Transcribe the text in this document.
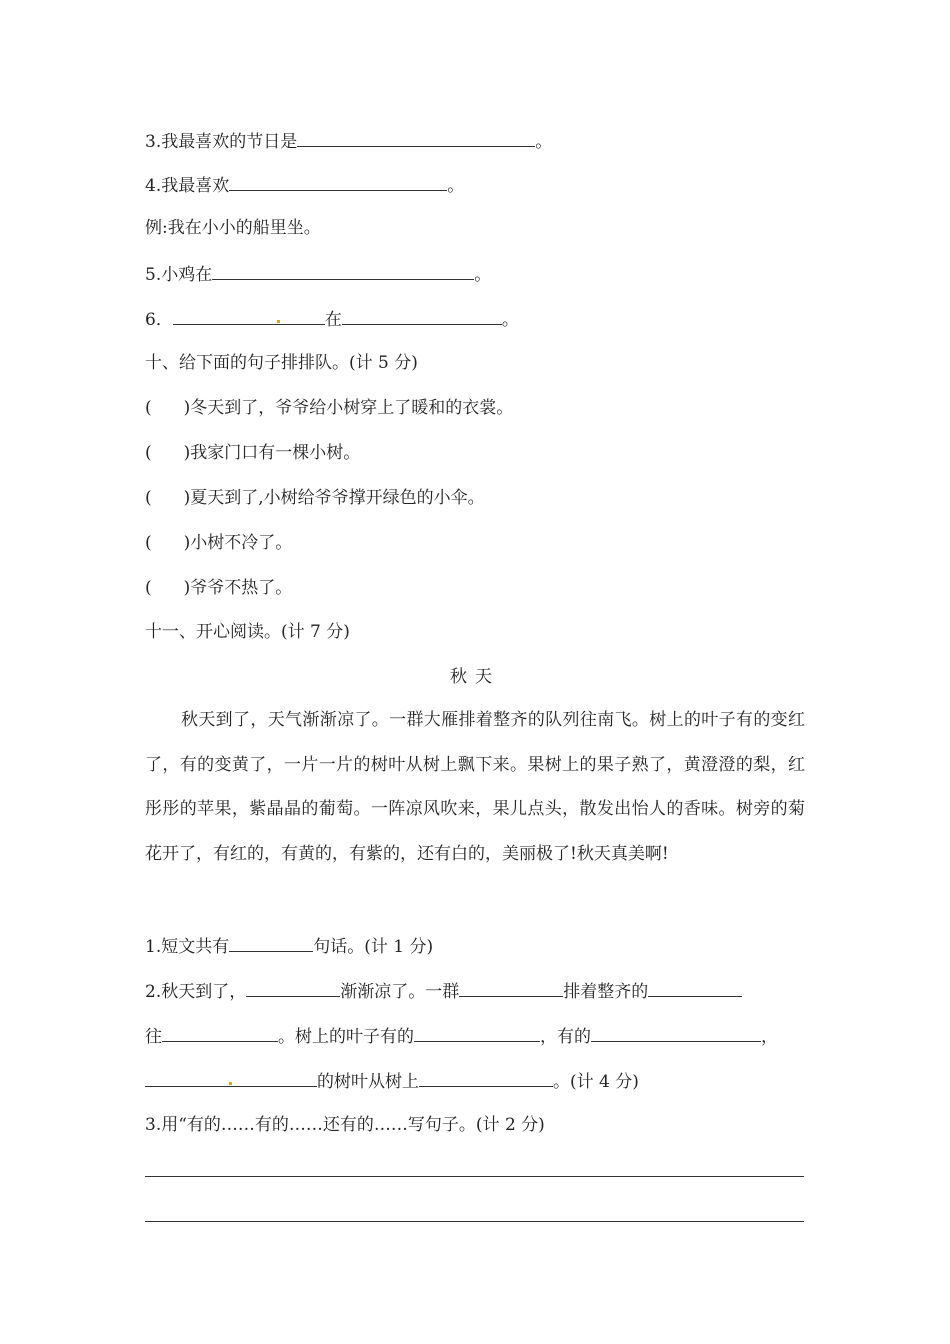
3.我最喜欢的节日是	。
4.我最喜欢	。
例:我在小小的船里坐。
5.小鸡在	。
6．	在	。
十、给下面的句子排排队。(计 5 分)
( )冬天到了，爷爷给小树穿上了暖和的衣裳。
( )我家门口有一棵小树。
( )夏天到了,小树给爷爷撑开绿色的小伞。
( )小树不冷了。
( )爷爷不热了。
十一、开心阅读。(计 7 分)
秋天
秋天到了，天气渐渐凉了。一群大雁排着整齐的队列往南飞。树上的叶子有的变红了，有的变黄了，一片一片的树叶从树上飘下来。果树上的果子熟了，黄澄澄的梨，红彤彤的苹果，紫晶晶的葡萄。一阵凉风吹来，果儿点头，散发出怡人的香味。树旁的菊花开了，有红的，有黄的，有紫的，还有白的，美丽极了!秋天真美啊!
1.短文共有	句话。(计 1 分)
2.秋天到了，	渐渐凉了。一群	排着整齐的
往	。树上的叶子有的	，有的	，
的树叶从树上	。(计 4 分)
3.用“有的……有的……还有的……写句子。(计 2 分)
